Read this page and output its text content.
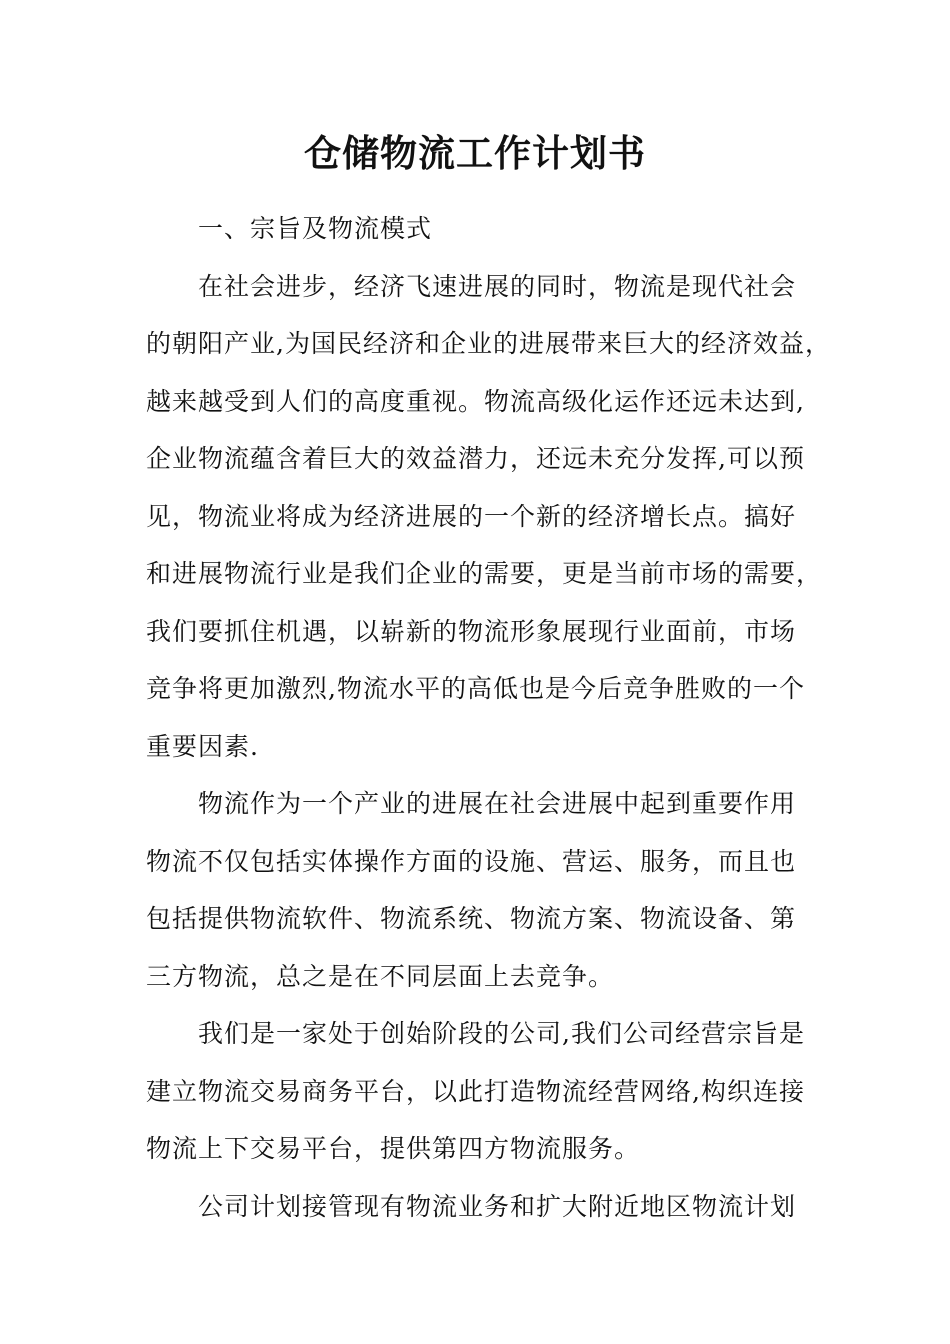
仓储物流工作计划书
一、宗旨及物流模式
在社会进步，经济飞速进展的同时，物流是现代社会
的朝阳产业,为国民经济和企业的进展带来巨大的经济效益，
越来越受到人们的高度重视。物流高级化运作还远未达到,
企业物流蕴含着巨大的效益潜力，还远未充分发挥,可以预
见，物流业将成为经济进展的一个新的经济增长点。搞好
和进展物流行业是我们企业的需要，更是当前市场的需要，
我们要抓住机遇，以崭新的物流形象展现行业面前，市场
竞争将更加激烈,物流水平的高低也是今后竞争胜败的一个
重要因素.
物流作为一个产业的进展在社会进展中起到重要作用
物流不仅包括实体操作方面的设施、营运、服务，而且也
包括提供物流软件、物流系统、物流方案、物流设备、第
三方物流，总之是在不同层面上去竞争。
我们是一家处于创始阶段的公司,我们公司经营宗旨是
建立物流交易商务平台，以此打造物流经营网络,构织连接
物流上下交易平台，提供第四方物流服务。
公司计划接管现有物流业务和扩大附近地区物流计划
